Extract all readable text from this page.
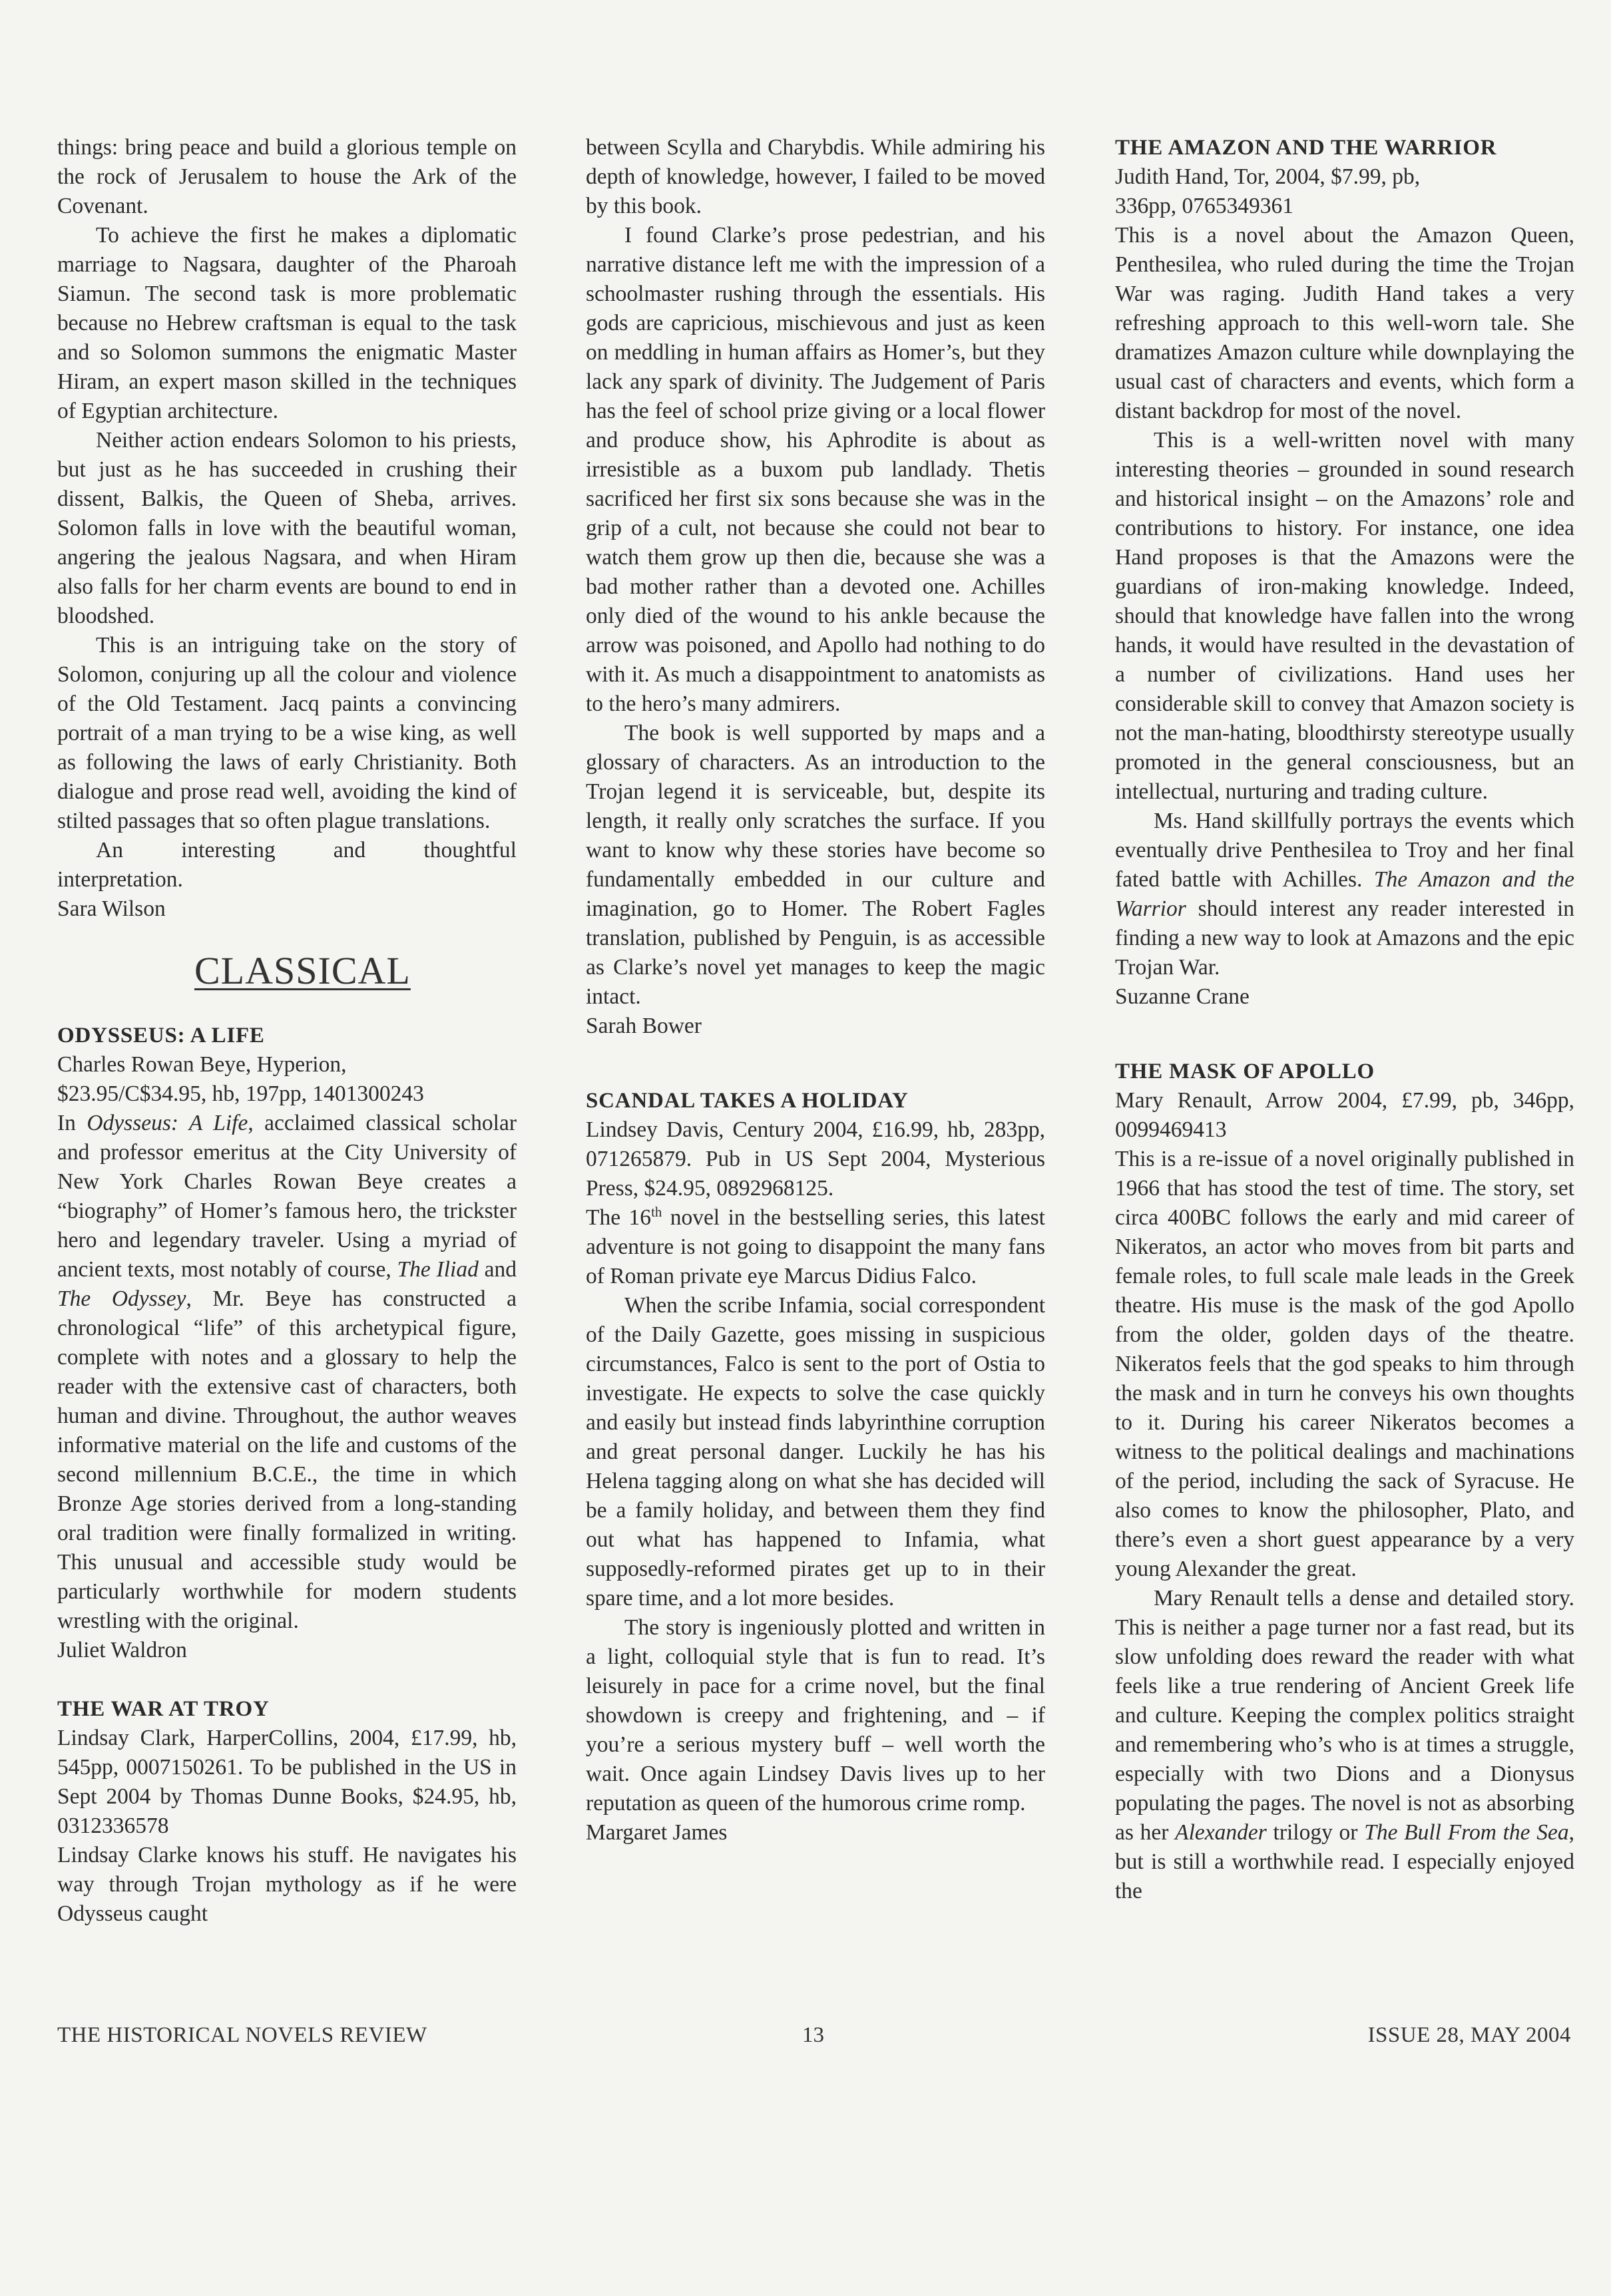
things: bring peace and build a glorious temple on the rock of Jerusalem to house the Ark of the Covenant.

To achieve the first he makes a diplomatic marriage to Nagsara, daughter of the Pharoah Siamun. The second task is more problematic because no Hebrew craftsman is equal to the task and so Solomon summons the enigmatic Master Hiram, an expert mason skilled in the techniques of Egyptian architecture.

Neither action endears Solomon to his priests, but just as he has succeeded in crushing their dissent, Balkis, the Queen of Sheba, arrives. Solomon falls in love with the beautiful woman, angering the jealous Nagsara, and when Hiram also falls for her charm events are bound to end in bloodshed.

This is an intriguing take on the story of Solomon, conjuring up all the colour and violence of the Old Testament. Jacq paints a convincing portrait of a man trying to be a wise king, as well as following the laws of early Christianity. Both dialogue and prose read well, avoiding the kind of stilted passages that so often plague translations.

An interesting and thoughtful interpretation.

Sara Wilson

CLASSICAL
ODYSSEUS: A LIFE

Charles Rowan Beye, Hyperion,

$23.95/C$34.95, hb, 197pp, 1401300243

In Odysseus: A Life, acclaimed classical scholar and professor emeritus at the City University of New York Charles Rowan Beye creates a “biography” of Homer’s famous hero, the trickster hero and legendary traveler. Using a myriad of ancient texts, most notably of course, The Iliad and The Odyssey, Mr. Beye has constructed a chronological “life” of this archetypical figure, complete with notes and a glossary to help the reader with the extensive cast of characters, both human and divine. Throughout, the author weaves informative material on the life and customs of the second millennium B.C.E., the time in which Bronze Age stories derived from a long-standing oral tradition were finally formalized in writing. This unusual and accessible study would be particularly worthwhile for modern students wrestling with the original.

Juliet Waldron

THE WAR AT TROY

Lindsay Clark, HarperCollins, 2004, £17.99, hb, 545pp, 0007150261. To be published in the US in Sept 2004 by Thomas Dunne Books, $24.95, hb, 0312336578

Lindsay Clarke knows his stuff. He navigates his way through Trojan mythology as if he were Odysseus caught

between Scylla and Charybdis. While admiring his depth of knowledge, however, I failed to be moved by this book.

I found Clarke’s prose pedestrian, and his narrative distance left me with the impression of a schoolmaster rushing through the essentials. His gods are capricious, mischievous and just as keen on meddling in human affairs as Homer’s, but they lack any spark of divinity. The Judgement of Paris has the feel of school prize giving or a local flower and produce show, his Aphrodite is about as irresistible as a buxom pub landlady. Thetis sacrificed her first six sons because she was in the grip of a cult, not because she could not bear to watch them grow up then die, because she was a bad mother rather than a devoted one. Achilles only died of the wound to his ankle because the arrow was poisoned, and Apollo had nothing to do with it. As much a disappointment to anatomists as to the hero’s many admirers.

The book is well supported by maps and a glossary of characters. As an introduction to the Trojan legend it is serviceable, but, despite its length, it really only scratches the surface. If you want to know why these stories have become so fundamentally embedded in our culture and imagination, go to Homer. The Robert Fagles translation, published by Penguin, is as accessible as Clarke’s novel yet manages to keep the magic intact.

Sarah Bower

SCANDAL TAKES A HOLIDAY

Lindsey Davis, Century 2004, £16.99, hb, 283pp, 071265879. Pub in US Sept 2004, Mysterious Press, $24.95, 0892968125.

The 16th novel in the bestselling series, this latest adventure is not going to disappoint the many fans of Roman private eye Marcus Didius Falco.

When the scribe Infamia, social correspondent of the Daily Gazette, goes missing in suspicious circumstances, Falco is sent to the port of Ostia to investigate. He expects to solve the case quickly and easily but instead finds labyrinthine corruption and great personal danger. Luckily he has his Helena tagging along on what she has decided will be a family holiday, and between them they find out what has happened to Infamia, what supposedly-reformed pirates get up to in their spare time, and a lot more besides.

The story is ingeniously plotted and written in a light, colloquial style that is fun to read. It’s leisurely in pace for a crime novel, but the final showdown is creepy and frightening, and – if you’re a serious mystery buff – well worth the wait. Once again Lindsey Davis lives up to her reputation as queen of the humorous crime romp.

Margaret James

THE AMAZON AND THE WARRIOR

Judith Hand, Tor, 2004, $7.99, pb,

336pp, 0765349361

This is a novel about the Amazon Queen, Penthesilea, who ruled during the time the Trojan War was raging. Judith Hand takes a very refreshing approach to this well-worn tale. She dramatizes Amazon culture while downplaying the usual cast of characters and events, which form a distant backdrop for most of the novel.

This is a well-written novel with many interesting theories – grounded in sound research and historical insight – on the Amazons’ role and contributions to history. For instance, one idea Hand proposes is that the Amazons were the guardians of iron-making knowledge. Indeed, should that knowledge have fallen into the wrong hands, it would have resulted in the devastation of a number of civilizations. Hand uses her considerable skill to convey that Amazon society is not the man-hating, bloodthirsty stereotype usually promoted in the general consciousness, but an intellectual, nurturing and trading culture.

Ms. Hand skillfully portrays the events which eventually drive Penthesilea to Troy and her final fated battle with Achilles. The Amazon and the Warrior should interest any reader interested in finding a new way to look at Amazons and the epic Trojan War.

Suzanne Crane

THE MASK OF APOLLO

Mary Renault, Arrow 2004, £7.99, pb, 346pp, 0099469413

This is a re-issue of a novel originally published in 1966 that has stood the test of time. The story, set circa 400BC follows the early and mid career of Nikeratos, an actor who moves from bit parts and female roles, to full scale male leads in the Greek theatre. His muse is the mask of the god Apollo from the older, golden days of the theatre. Nikeratos feels that the god speaks to him through the mask and in turn he conveys his own thoughts to it. During his career Nikeratos becomes a witness to the political dealings and machinations of the period, including the sack of Syracuse. He also comes to know the philosopher, Plato, and there’s even a short guest appearance by a very young Alexander the great.

Mary Renault tells a dense and detailed story. This is neither a page turner nor a fast read, but its slow unfolding does reward the reader with what feels like a true rendering of Ancient Greek life and culture. Keeping the complex politics straight and remembering who’s who is at times a struggle, especially with two Dions and a Dionysus populating the pages. The novel is not as absorbing as her Alexander trilogy or The Bull From the Sea, but is still a worthwhile read. I especially enjoyed the

THE HISTORICAL NOVELS REVIEW	13	ISSUE 28, MAY 2004
